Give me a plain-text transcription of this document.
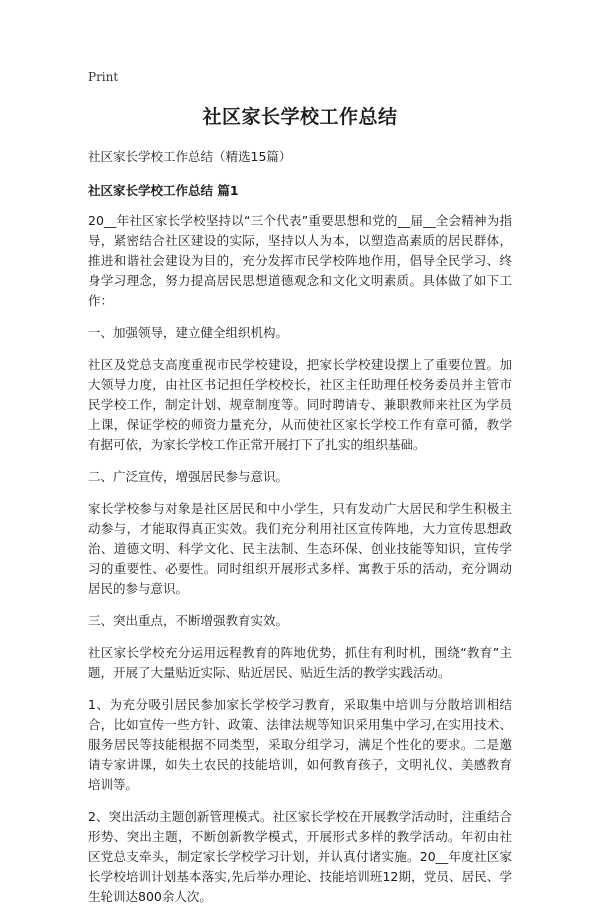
Print
社区家长学校工作总结
社区家长学校工作总结（精选15篇）
社区家长学校工作总结 篇1
20__年社区家长学校坚持以“三个代表”重要思想和党的__届__全会精神为指导，紧密结合社区建设的实际，坚持以人为本，以塑造高素质的居民群体，推进和谐社会建设为目的，充分发挥市民学校阵地作用，倡导全民学习、终身学习理念，努力提高居民思想道德观念和文化文明素质。具体做了如下工作：
一、加强领导，建立健全组织机构。
社区及党总支高度重视市民学校建设，把家长学校建设摆上了重要位置。加大领导力度，由社区书记担任学校校长，社区主任助理任校务委员并主管市民学校工作，制定计划、规章制度等。同时聘请专、兼职教师来社区为学员上课，保证学校的师资力量充分，从而使社区家长学校工作有章可循，教学有据可依，为家长学校工作正常开展打下了扎实的组织基础。
二、广泛宣传，增强居民参与意识。
家长学校参与对象是社区居民和中小学生，只有发动广大居民和学生积极主动参与，才能取得真正实效。我们充分利用社区宣传阵地，大力宣传思想政治、道德文明、科学文化、民主法制、生态环保、创业技能等知识，宣传学习的重要性、必要性。同时组织开展形式多样、寓教于乐的活动，充分调动居民的参与意识。
三、突出重点，不断增强教育实效。
社区家长学校充分运用远程教育的阵地优势，抓住有利时机，围绕“教育”主题，开展了大量贴近实际、贴近居民、贴近生活的教学实践活动。
1、为充分吸引居民参加家长学校学习教育，采取集中培训与分散培训相结合，比如宣传一些方针、政策、法律法规等知识采用集中学习,在实用技术、服务居民等技能根据不同类型，采取分组学习，满足个性化的要求。二是邀请专家讲课，如失土农民的技能培训，如何教育孩子，文明礼仪、美感教育培训等。
2、突出活动主题创新管理模式。社区家长学校在开展教学活动时，注重结合形势、突出主题，不断创新教学模式，开展形式多样的教学活动。年初由社区党总支牵头，制定家长学校学习计划，并认真付诸实施。20__年度社区家长学校培训计划基本落实,先后举办理论、技能培训班12期，党员、居民、学生轮训达800余人次。
